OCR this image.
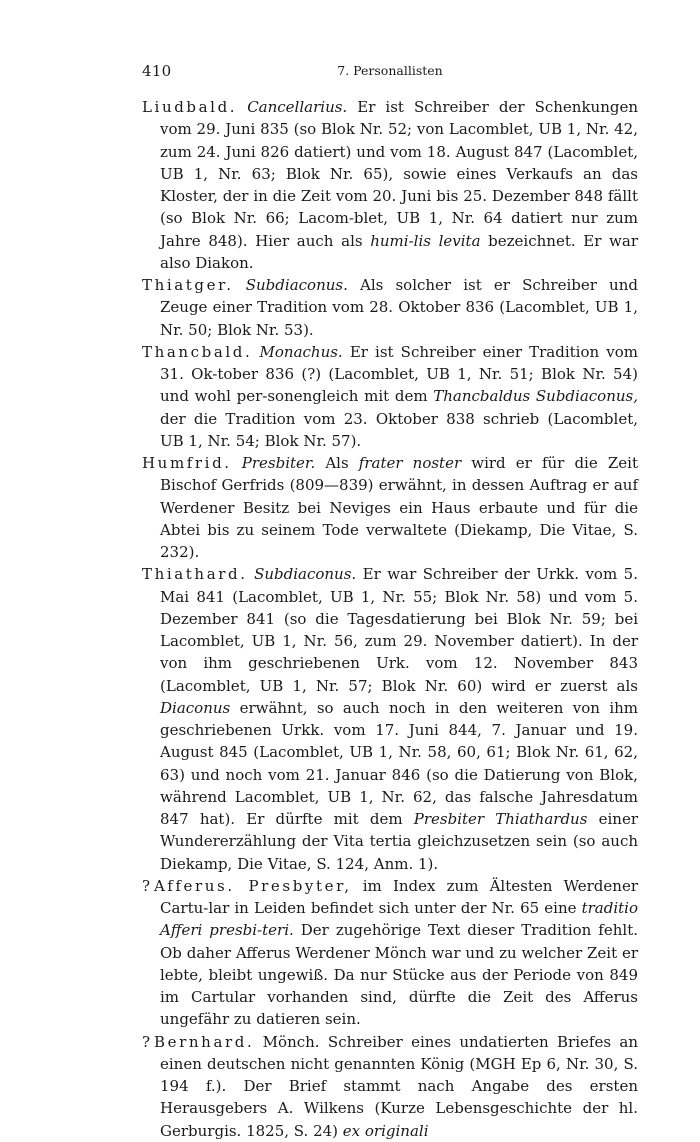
410	7. Personallisten

Liudbald. Cancellarius. Er ist Schreiber der Schenkungen vom 29. Juni 835 (so Blok Nr. 52; von Lacomblet, UB 1, Nr. 42, zum 24. Juni 826 datiert) und vom 18. August 847 (Lacomblet, UB 1, Nr. 63; Blok Nr. 65), sowie eines Verkaufs an das Kloster, der in die Zeit vom 20. Juni bis 25. Dezember 848 fällt (so Blok Nr. 66; Lacom-blet, UB 1, Nr. 64 datiert nur zum Jahre 848). Hier auch als humi-lis levita bezeichnet. Er war also Diakon.

Thiatger. Subdiaconus. Als solcher ist er Schreiber und Zeuge einer Tradition vom 28. Oktober 836 (Lacomblet, UB 1, Nr. 50; Blok Nr. 53).

Thancbald. Monachus. Er ist Schreiber einer Tradition vom 31. Ok-tober 836 (?) (Lacomblet, UB 1, Nr. 51; Blok Nr. 54) und wohl per-sonengleich mit dem Thancbaldus Subdiaconus, der die Tradition vom 23. Oktober 838 schrieb (Lacomblet, UB 1, Nr. 54; Blok Nr. 57).

Humfrid. Presbiter. Als frater noster wird er für die Zeit Bischof Gerfrids (809—839) erwähnt, in dessen Auftrag er auf Werdener Besitz bei Neviges ein Haus erbaute und für die Abtei bis zu seinem Tode verwaltete (Diekamp, Die Vitae, S. 232).

Thiathard. Subdiaconus. Er war Schreiber der Urkk. vom 5. Mai 841 (Lacomblet, UB 1, Nr. 55; Blok Nr. 58) und vom 5. Dezember 841 (so die Tagesdatierung bei Blok Nr. 59; bei Lacomblet, UB 1, Nr. 56, zum 29. November datiert). In der von ihm geschriebenen Urk. vom 12. November 843 (Lacomblet, UB 1, Nr. 57; Blok Nr. 60) wird er zuerst als Diaconus erwähnt, so auch noch in den weiteren von ihm geschriebenen Urkk. vom 17. Juni 844, 7. Januar und 19. August 845 (Lacomblet, UB 1, Nr. 58, 60, 61; Blok Nr. 61, 62, 63) und noch vom 21. Januar 846 (so die Datierung von Blok, während Lacomblet, UB 1, Nr. 62, das falsche Jahresdatum 847 hat). Er dürfte mit dem Presbiter Thiathardus einer Wundererzählung der Vita tertia gleichzusetzen sein (so auch Diekamp, Die Vitae, S. 124, Anm. 1).

? Afferus. Presbyter, im Index zum Ältesten Werdener Cartu-lar in Leiden befindet sich unter der Nr. 65 eine traditio Afferi presbi-teri. Der zugehörige Text dieser Tradition fehlt. Ob daher Afferus Werdener Mönch war und zu welcher Zeit er lebte, bleibt ungewiß. Da nur Stücke aus der Periode von 849 im Cartular vorhanden sind, dürfte die Zeit des Afferus ungefähr zu datieren sein.

? Bernhard. Mönch. Schreiber eines undatierten Briefes an einen deutschen nicht genannten König (MGH Ep 6, Nr. 30, S. 194 f.). Der Brief stammt nach Angabe des ersten Herausgebers A. Wilkens (Kurze Lebensgeschichte der hl. Gerburgis. 1825, S. 24) ex originali
